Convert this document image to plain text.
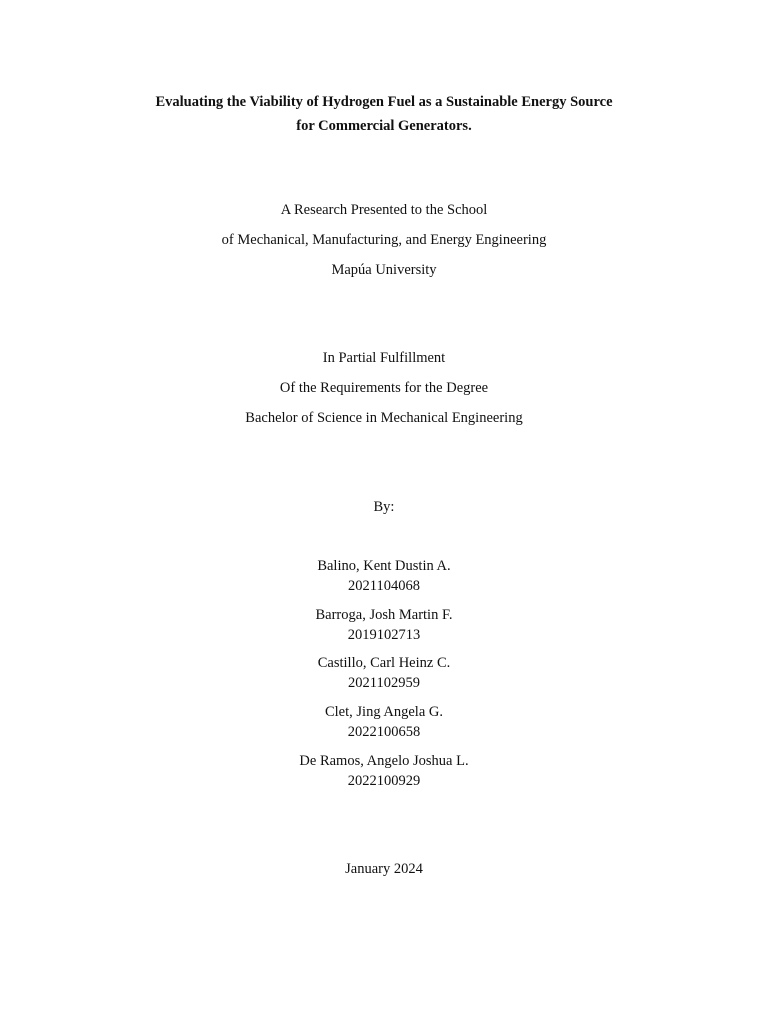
Evaluating the Viability of Hydrogen Fuel as a Sustainable Energy Source
for Commercial Generators.
A Research Presented to the School
of Mechanical, Manufacturing, and Energy Engineering
Mapúa University
In Partial Fulfillment
Of the Requirements for the Degree
Bachelor of Science in Mechanical Engineering
By:
Balino, Kent Dustin A.
2021104068
Barroga, Josh Martin F.
2019102713
Castillo, Carl Heinz C.
2021102959
Clet, Jing Angela G.
2022100658
De Ramos, Angelo Joshua L.
2022100929
January 2024
